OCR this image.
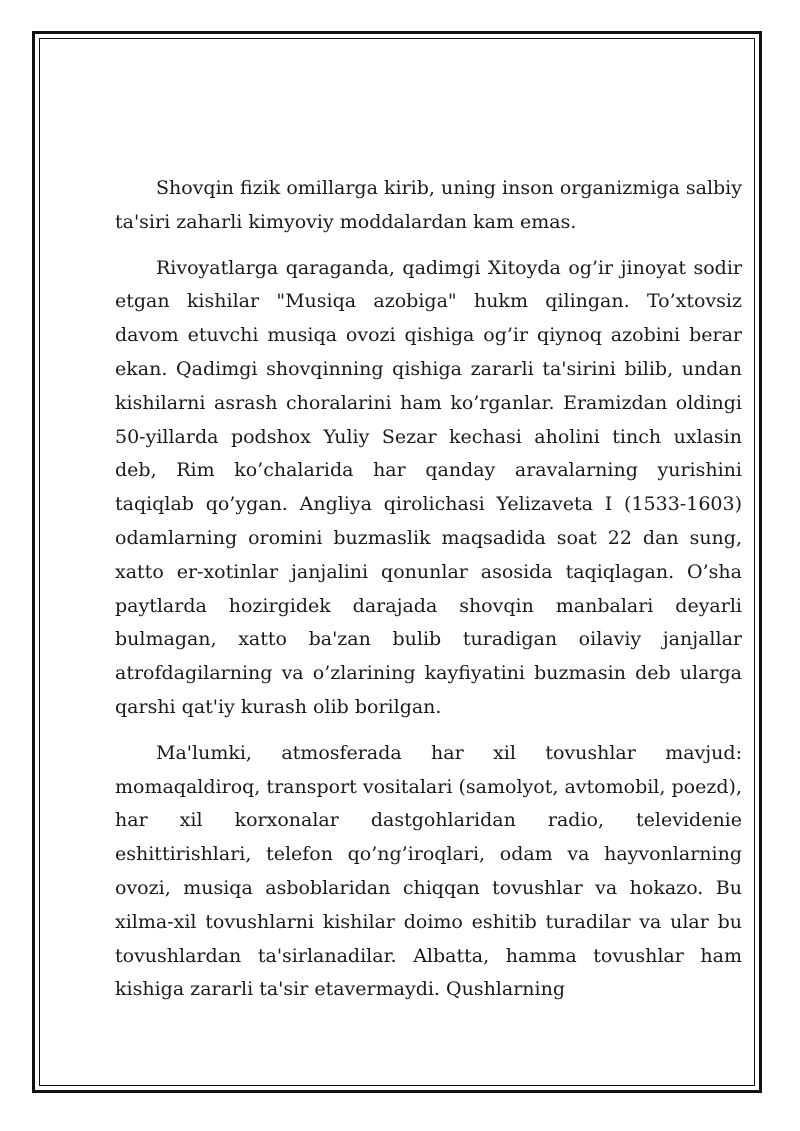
Shovqin fizik omillarga kirib, uning inson organizmiga salbiy ta'siri zaharli kimyoviy moddalardan kam emas.

Rivoyatlarga qaraganda, qadimgi Xitoyda og’ir jinoyat sodir etgan kishilar "Musiqa azobiga" hukm qilingan. To’xtovsiz davom etuvchi musiqa ovozi qishiga og’ir qiynoq azobini berar ekan. Qadimgi shovqinning qishiga zararli ta'sirini bilib, undan kishilarni asrash choralarini ham ko’rganlar. Eramizdan oldingi 50-yillarda podshox Yuliy Sezar kechasi aholini tinch uxlasin deb, Rim ko’chalarida har qanday aravalarning yurishini taqiqlab qo’ygan. Angliya qirolichasi Yelizaveta I (1533-1603) odamlarning oromini buzmaslik maqsadida soat 22 dan sung, xatto er-xotinlar janjalini qonunlar asosida taqiqlagan. O’sha paytlarda hozirgidek darajada shovqin manbalari deyarli bulmagan, xatto ba'zan bulib turadigan oilaviy janjallar atrofdagilarning va o’zlarining kayfiyatini buzmasin deb ularga qarshi qat'iy kurash olib borilgan.

Ma'lumki, atmosferada har xil tovushlar mavjud: momaqaldiroq, transport vositalari (samolyot, avtomobil, poezd), har xil korxonalar dastgohlaridan radio, televidenie eshittirishlari, telefon qo’ng’iroqlari, odam va hayvonlarning ovozi, musiqa asboblaridan chiqqan tovushlar va hokazo. Bu xilma-xil tovushlarni kishilar doimo eshitib turadilar va ular bu tovushlardan ta'sirlanadilar. Albatta, hamma tovushlar ham kishiga zararli ta'sir etavermaydi. Qushlarning
